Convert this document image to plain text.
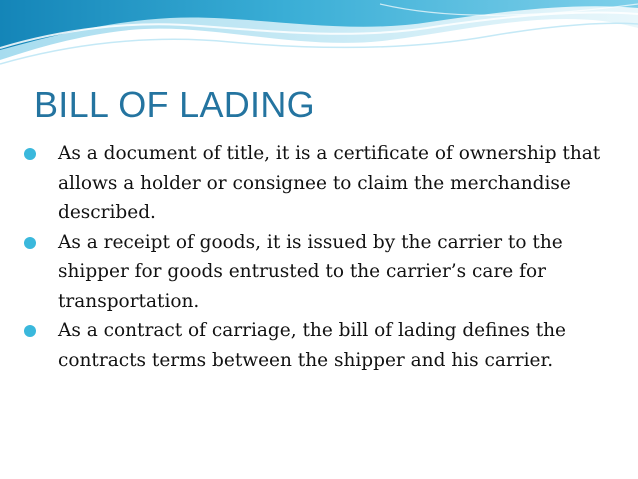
BILL OF LADING
As a document of title, it is a certificate of ownership that allows a holder or consignee to claim the merchandise described.
As a receipt of goods, it is issued by the carrier to the shipper for goods entrusted to the carrier’s care for transportation.
As a contract of carriage, the bill of lading defines the contracts terms between the shipper and his carrier.
